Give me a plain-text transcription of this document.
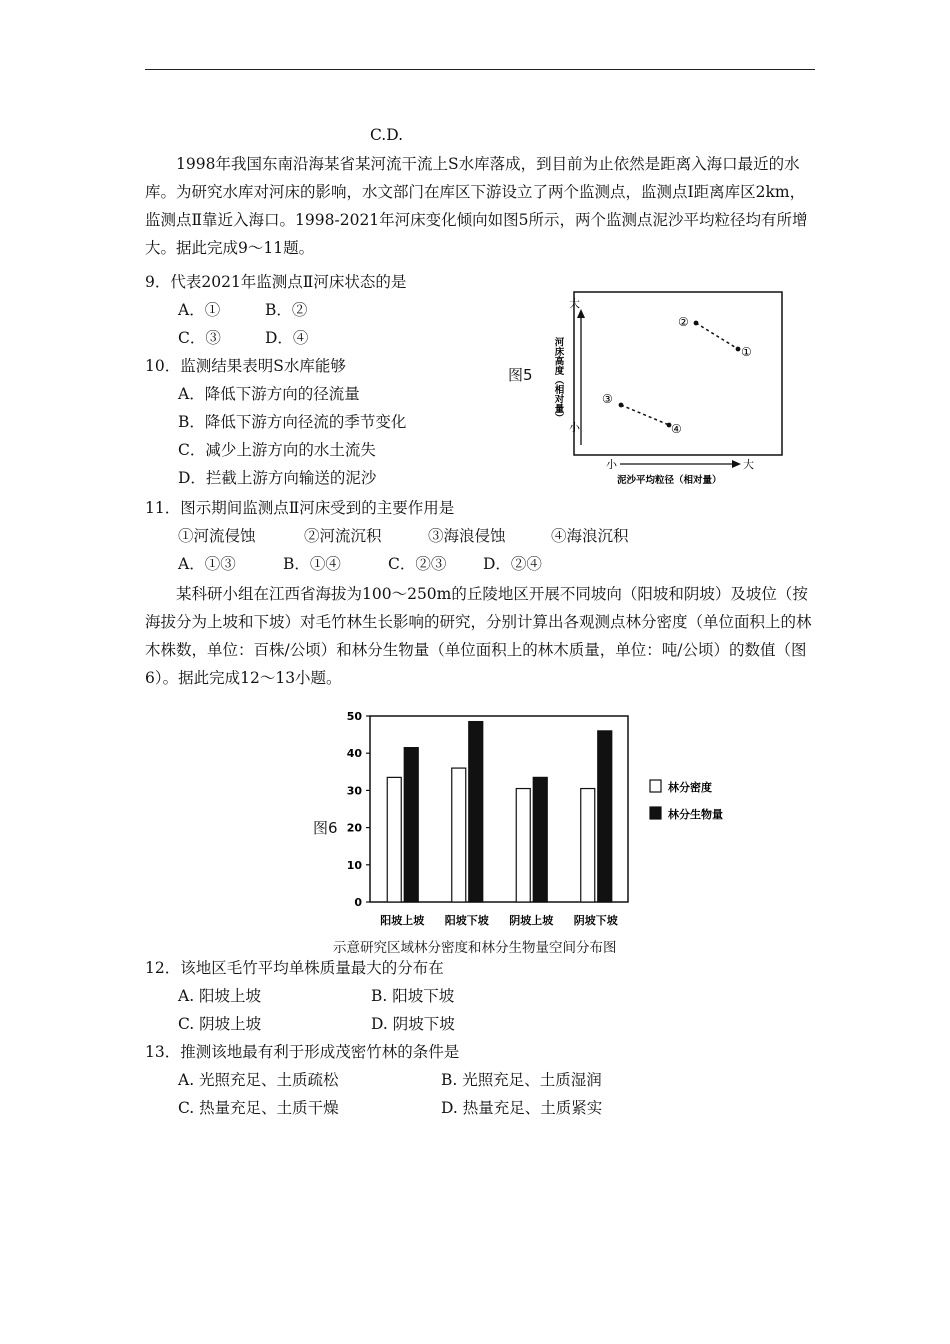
C.D.
1998年我国东南沿海某省某河流干流上S水库落成，到目前为止依然是距离入海口最近的水库。为研究水库对河床的影响，水文部门在库区下游设立了两个监测点，监测点Ⅰ距离库区2km，监测点Ⅱ靠近入海口。1998-2021年河床变化倾向如图5所示，两个监测点泥沙平均粒径均有所增大。据此完成9～11题。
9．代表2021年监测点Ⅱ河床状态的是
A．①	B．②
C．③	D．④
10．监测结果表明S水库能够
A．降低下游方向的径流量
B．降低下游方向径流的季节变化
C．减少上游方向的水土流失
D．拦截上游方向输送的泥沙
图5
大
小
河床高度（相对量）
小	大
泥沙平均粒径（相对量）
②
①
③
④
11．图示期间监测点Ⅱ河床受到的主要作用是
①河流侵蚀	②河流沉积	③海浪侵蚀	④海浪沉积
A．①③	B．①④	C．②③ D．②④
某科研小组在江西省海拔为100～250m的丘陵地区开展不同坡向（阳坡和阴坡）及坡位（按海拔分为上坡和下坡）对毛竹林生长影响的研究，分别计算出各观测点林分密度（单位面积上的林木株数，单位：百株/公顷）和林分生物量（单位面积上的林木质量，单位：吨/公顷）的数值（图6）。据此完成12～13小题。
图6
0
10
20
30
40
50
阳坡上坡 阳坡下坡 阴坡上坡 阴坡下坡
林分密度
林分生物量
示意研究区域林分密度和林分生物量空间分布图
12．该地区毛竹平均单株质量最大的分布在
A. 阳坡上坡	B. 阳坡下坡
C. 阴坡上坡	D. 阴坡下坡
13．推测该地最有利于形成茂密竹林的条件是
A. 光照充足、土质疏松	B. 光照充足、土质湿润
C. 热量充足、土质干燥	D. 热量充足、土质紧实
